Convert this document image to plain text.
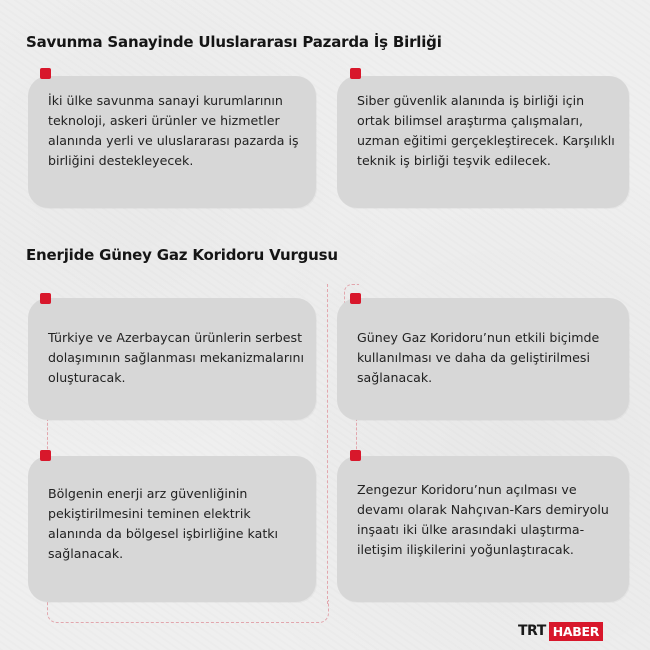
Savunma Sanayinde Uluslararası Pazarda İş Birliği
Enerjide Güney Gaz Koridoru Vurgusu

İki ülke savunma sanayi kurumlarının teknoloji, askeri ürünler ve hizmetler alanında yerli ve uluslararası pazarda iş birliğini destekleyecek.

Siber güvenlik alanında iş birliği için ortak bilimsel araştırma çalışmaları, uzman eğitimi gerçekleştirecek. Karşılıklı teknik iş birliği teşvik edilecek.

Türkiye ve Azerbaycan ürünlerin serbest dolaşımının sağlanması mekanizmalarını oluşturacak.

Güney Gaz Koridoru’nun etkili biçimde kullanılması ve daha da geliştirilmesi sağlanacak.

Bölgenin enerji arz güvenliğinin pekiştirilmesini teminen elektrik alanında da bölgesel işbirliğine katkı sağlanacak.

Zengezur Koridoru’nun açılması ve devamı olarak Nahçıvan-Kars demiryolu inşaatı iki ülke arasındaki ulaştırma-iletişim ilişkilerini yoğunlaştıracak.

TRT HABER
